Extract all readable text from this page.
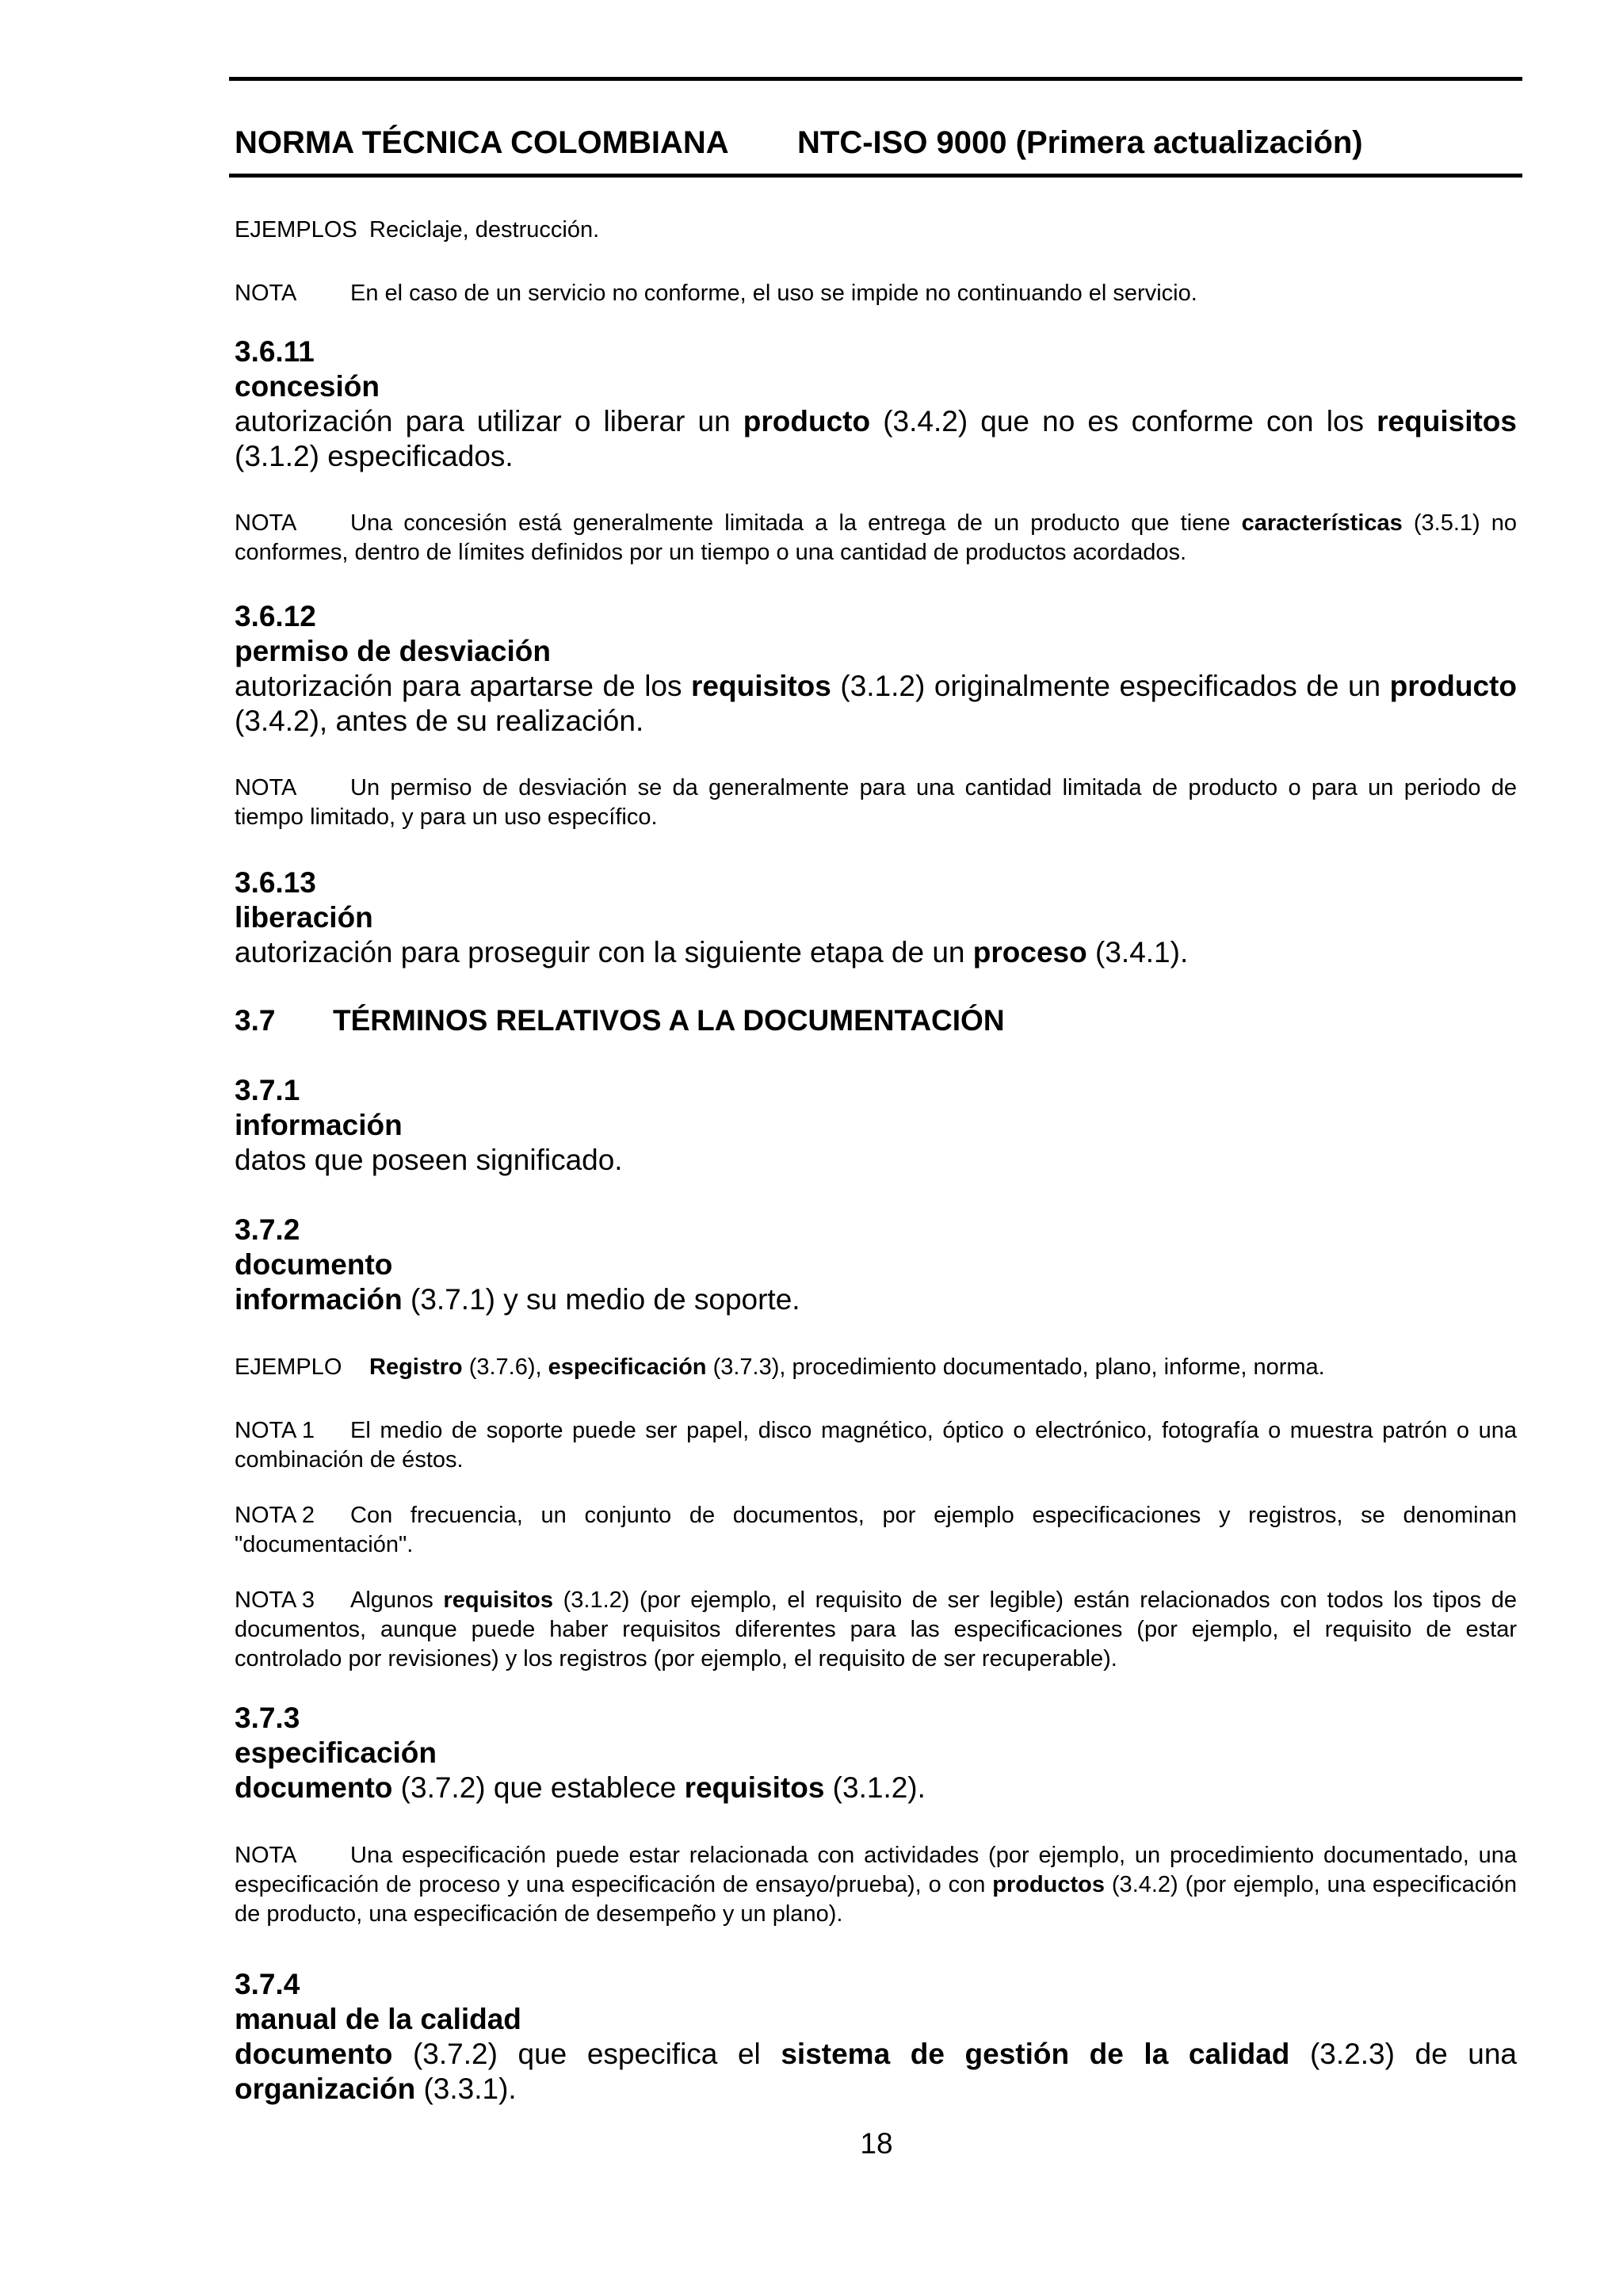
NORMA TÉCNICA COLOMBIANA NTC-ISO 9000 (Primera actualización)
EJEMPLOS Reciclaje, destrucción.
NOTA En el caso de un servicio no conforme, el uso se impide no continuando el servicio.
3.6.11
concesión
autorización para utilizar o liberar un producto (3.4.2) que no es conforme con los requisitos (3.1.2) especificados.
NOTA Una concesión está generalmente limitada a la entrega de un producto que tiene características (3.5.1) no conformes, dentro de límites definidos por un tiempo o una cantidad de productos acordados.
3.6.12
permiso de desviación
autorización para apartarse de los requisitos (3.1.2) originalmente especificados de un producto (3.4.2), antes de su realización.
NOTA Un permiso de desviación se da generalmente para una cantidad limitada de producto o para un periodo de tiempo limitado, y para un uso específico.
3.6.13
liberación
autorización para proseguir con la siguiente etapa de un proceso (3.4.1).
3.7 TÉRMINOS RELATIVOS A LA DOCUMENTACIÓN
3.7.1
información
datos que poseen significado.
3.7.2
documento
información (3.7.1) y su medio de soporte.
EJEMPLO Registro (3.7.6), especificación (3.7.3), procedimiento documentado, plano, informe, norma.
NOTA 1 El medio de soporte puede ser papel, disco magnético, óptico o electrónico, fotografía o muestra patrón o una combinación de éstos.
NOTA 2 Con frecuencia, un conjunto de documentos, por ejemplo especificaciones y registros, se denominan "documentación".
NOTA 3 Algunos requisitos (3.1.2) (por ejemplo, el requisito de ser legible) están relacionados con todos los tipos de documentos, aunque puede haber requisitos diferentes para las especificaciones (por ejemplo, el requisito de estar controlado por revisiones) y los registros (por ejemplo, el requisito de ser recuperable).
3.7.3
especificación
documento (3.7.2) que establece requisitos (3.1.2).
NOTA Una especificación puede estar relacionada con actividades (por ejemplo, un procedimiento documentado, una especificación de proceso y una especificación de ensayo/prueba), o con productos (3.4.2) (por ejemplo, una especificación de producto, una especificación de desempeño y un plano).
3.7.4
manual de la calidad
documento (3.7.2) que especifica el sistema de gestión de la calidad (3.2.3) de una organización (3.3.1).
18
